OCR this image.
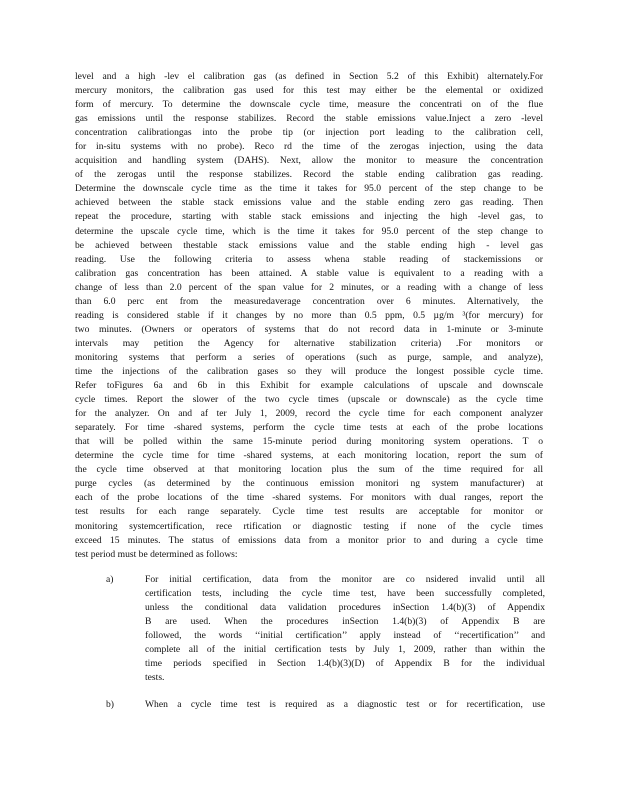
level and a high -lev el calibration gas (as defined in Section 5.2 of this Exhibit) alternately.For
mercury monitors, the calibration gas used for this test may either be the elemental or oxidized
form of mercury. To determine the downscale cycle time, measure the concentrati on of the flue
gas emissions until the response stabilizes. Record the stable emissions value.Inject a zero -level
concentration calibrationgas into the probe tip (or injection port leading to the calibration cell,
for in-situ systems with no probe). Reco rd the time of the zerogas injection, using the data
acquisition and handling system (DAHS). Next, allow the monitor to measure the concentration
of the zerogas until the response stabilizes. Record the stable ending calibration gas reading.
Determine the downscale cycle time as the time it takes for 95.0 percent of the step change to be
achieved between the stable stack emissions value and the stable ending zero gas reading. Then
repeat the procedure, starting with stable stack emissions and injecting the high -level gas, to
determine the upscale cycle time, which is the time it takes for 95.0 percent of the step change to
be achieved between thestable stack emissions value and the stable ending high - level gas
reading. Use the following criteria to assess whena stable reading of stackemissions or
calibration gas concentration has been attained. A stable value is equivalent to a reading with a
change of less than 2.0 percent of the span value for 2 minutes, or a reading with a change of less
than 6.0 perc ent from the measuredaverage concentration over 6 minutes. Alternatively, the
reading is considered stable if it changes by no more than 0.5 ppm, 0.5 µg/m ³(for mercury) for
two minutes. (Owners or operators of systems that do not record data in 1-minute or 3-minute
intervals may petition the Agency for alternative stabilization criteria) .For monitors or
monitoring systems that perform a series of operations (such as purge, sample, and analyze),
time the injections of the calibration gases so they will produce the longest possible cycle time.
Refer toFigures 6a and 6b in this Exhibit for example calculations of upscale and downscale
cycle times. Report the slower of the two cycle times (upscale or downscale) as the cycle time
for the analyzer. On and af ter July 1, 2009, record the cycle time for each component analyzer
separately. For time -shared systems, perform the cycle time tests at each of the probe locations
that will be polled within the same 15-minute period during monitoring system operations. T o
determine the cycle time for time -shared systems, at each monitoring location, report the sum of
the cycle time observed at that monitoring location plus the sum of the time required for all
purge cycles (as determined by the continuous emission monitori ng system manufacturer) at
each of the probe locations of the time -shared systems. For monitors with dual ranges, report the
test results for each range separately. Cycle time test results are acceptable for monitor or
monitoring systemcertification, rece rtification or diagnostic testing if none of the cycle times
exceed 15 minutes. The status of emissions data from a monitor prior to and during a cycle time
test period must be determined as follows:
a)	For initial certification, data from the monitor are co nsidered invalid until all
certification tests, including the cycle time test, have been successfully completed,
unless the conditional data validation procedures inSection 1.4(b)(3) of Appendix
B are used. When the procedures inSection 1.4(b)(3) of Appendix B are
followed, the words ‘‘initial certification’’ apply instead of ‘‘recertification’’ and
complete all of the initial certification tests by July 1, 2009, rather than within the
time periods specified in Section 1.4(b)(3)(D) of Appendix B for the individual
tests.
b)	When a cycle time test is required as a diagnostic test or for recertification, use
